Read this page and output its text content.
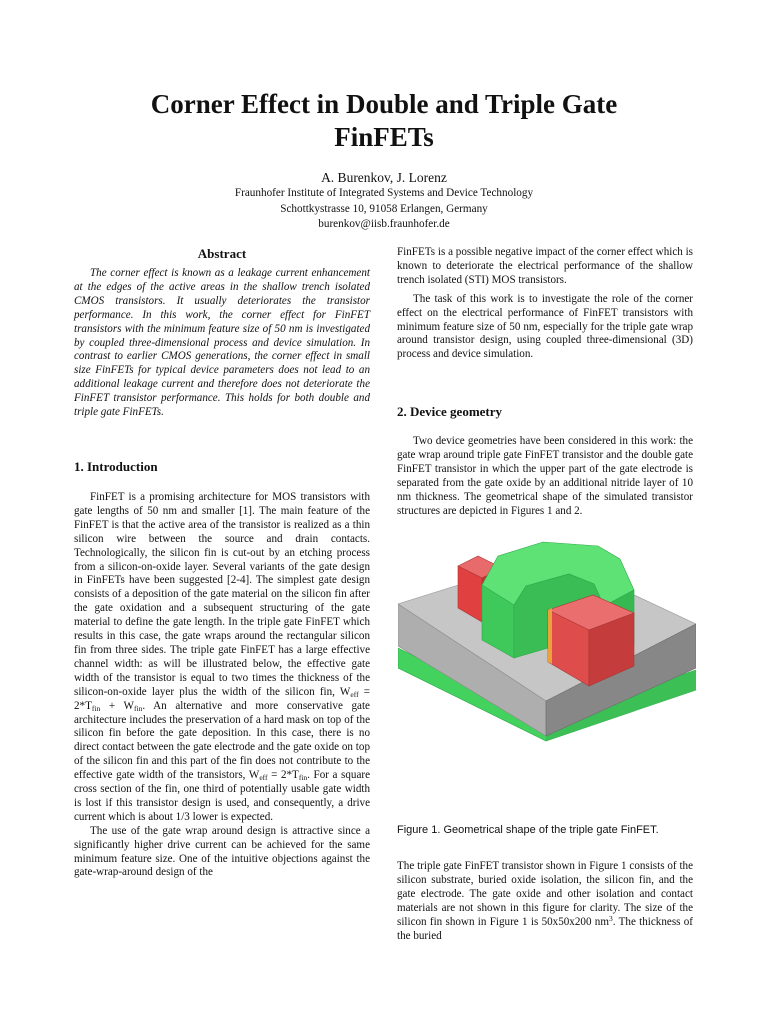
Corner Effect in Double and Triple Gate
FinFETs
A. Burenkov, J. Lorenz
Fraunhofer Institute of Integrated Systems and Device Technology
Schottkystrasse 10, 91058 Erlangen, Germany
burenkov@iisb.fraunhofer.de
Abstract
The corner effect is known as a leakage current enhancement at the edges of the active areas in the shallow trench isolated CMOS transistors. It usually deteriorates the transistor performance. In this work, the corner effect for FinFET transistors with the minimum feature size of 50 nm is investigated by coupled three-dimensional process and device simulation. In contrast to earlier CMOS generations, the corner effect in small size FinFETs for typical device parameters does not lead to an additional leakage current and therefore does not deteriorate the FinFET transistor performance. This holds for both double and triple gate FinFETs.
1. Introduction

FinFET is a promising architecture for MOS transistors with gate lengths of 50 nm and smaller [1]. The main feature of the FinFET is that the active area of the transistor is realized as a thin silicon wire between the source and drain contacts. Technologically, the silicon fin is cut-out by an etching process from a silicon-on-oxide layer. Several variants of the gate design in FinFETs have been suggested [2-4]. The simplest gate design consists of a deposition of the gate material on the silicon fin after the gate oxidation and a subsequent structuring of the gate material to define the gate length. In the triple gate FinFET which results in this case, the gate wraps around the rectangular silicon fin from three sides. The triple gate FinFET has a large effective channel width: as will be illustrated below, the effective gate width of the transistor is equal to two times the thickness of the silicon-on-oxide layer plus the width of the silicon fin, $W_{eff} = 2*T_{fin} + W_{fin}$. An alternative and more conservative gate architecture includes the preservation of a hard mask on top of the silicon fin before the gate deposition. In this case, there is no direct contact between the gate electrode and the gate oxide on top of the silicon fin and this part of the fin does not contribute to the effective gate width of the transistors, $W_{eff} = 2*T_{fin}$. For a square cross section of the fin, one third of potentially usable gate width is lost if this transistor design is used, and consequently, a drive current which is about 1/3 lower is expected.

The use of the gate wrap around design is attractive since a significantly higher drive current can be achieved for the same minimum feature size. One of the intuitive objections against the gate-wrap-around design of the

FinFETs is a possible negative impact of the corner effect which is known to deteriorate the electrical performance of the shallow trench isolated (STI) MOS transistors.

The task of this work is to investigate the role of the corner effect on the electrical performance of FinFET transistors with minimum feature size of 50 nm, especially for the triple gate wrap around transistor design, using coupled three-dimensional (3D) process and device simulation.

2. Device geometry

Two device geometries have been considered in this work: the gate wrap around triple gate FinFET transistor and the double gate FinFET transistor in which the upper part of the gate electrode is separated from the gate oxide by an additional nitride layer of 10 nm thickness. The geometrical shape of the simulated transistor structures are depicted in Figures 1 and 2.

Figure 1. Geometrical shape of the triple gate FinFET.

The triple gate FinFET transistor shown in Figure 1 consists of the silicon substrate, buried oxide isolation, the silicon fin, and the gate electrode. The gate oxide and other isolation and contact materials are not shown in this figure for clarity. The size of the silicon fin shown in Figure 1 is 50x50x200 $nm^3$. The thickness of the buried
